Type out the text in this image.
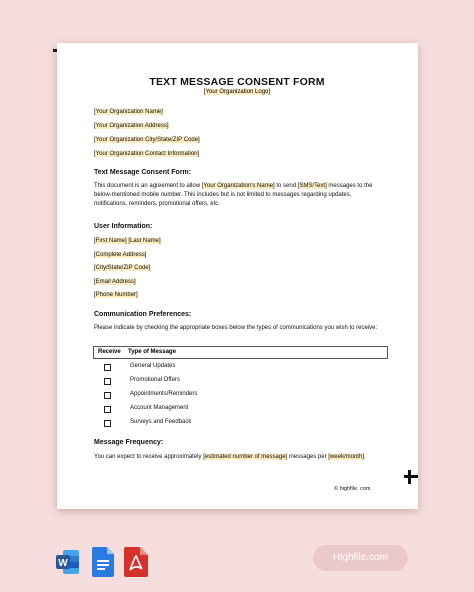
TEXT MESSAGE CONSENT FORM
[Your Organization Logo]
[Your Organization Name]
[Your Organization Address]
[Your Organization City/State/ZIP Code]
[Your Organization Contact Information]
Text Message Consent Form:
This document is an agreement to allow [Your Organization's Name] to send [SMS/Text] messages to the below-mentioned mobile number. This includes but is not limited to messages regarding updates, notifications, reminders, promotional offers, etc.
User Information:
[First Name] [Last Name]
[Complete Address]
[City/State/ZIP Code]
[Email Address]
[Phone Number]
Communication Preferences:
Please indicate by checking the appropriate boxes below the types of communications you wish to receive:
Receive Type of Message
General Updates
Promotional Offers
Appointments/Reminders
Account Management
Surveys and Feedback
Message Frequency:
You can expect to receive approximately [estimated number of message] messages per [week/month].
© highfile. com
W
Highfile.com
